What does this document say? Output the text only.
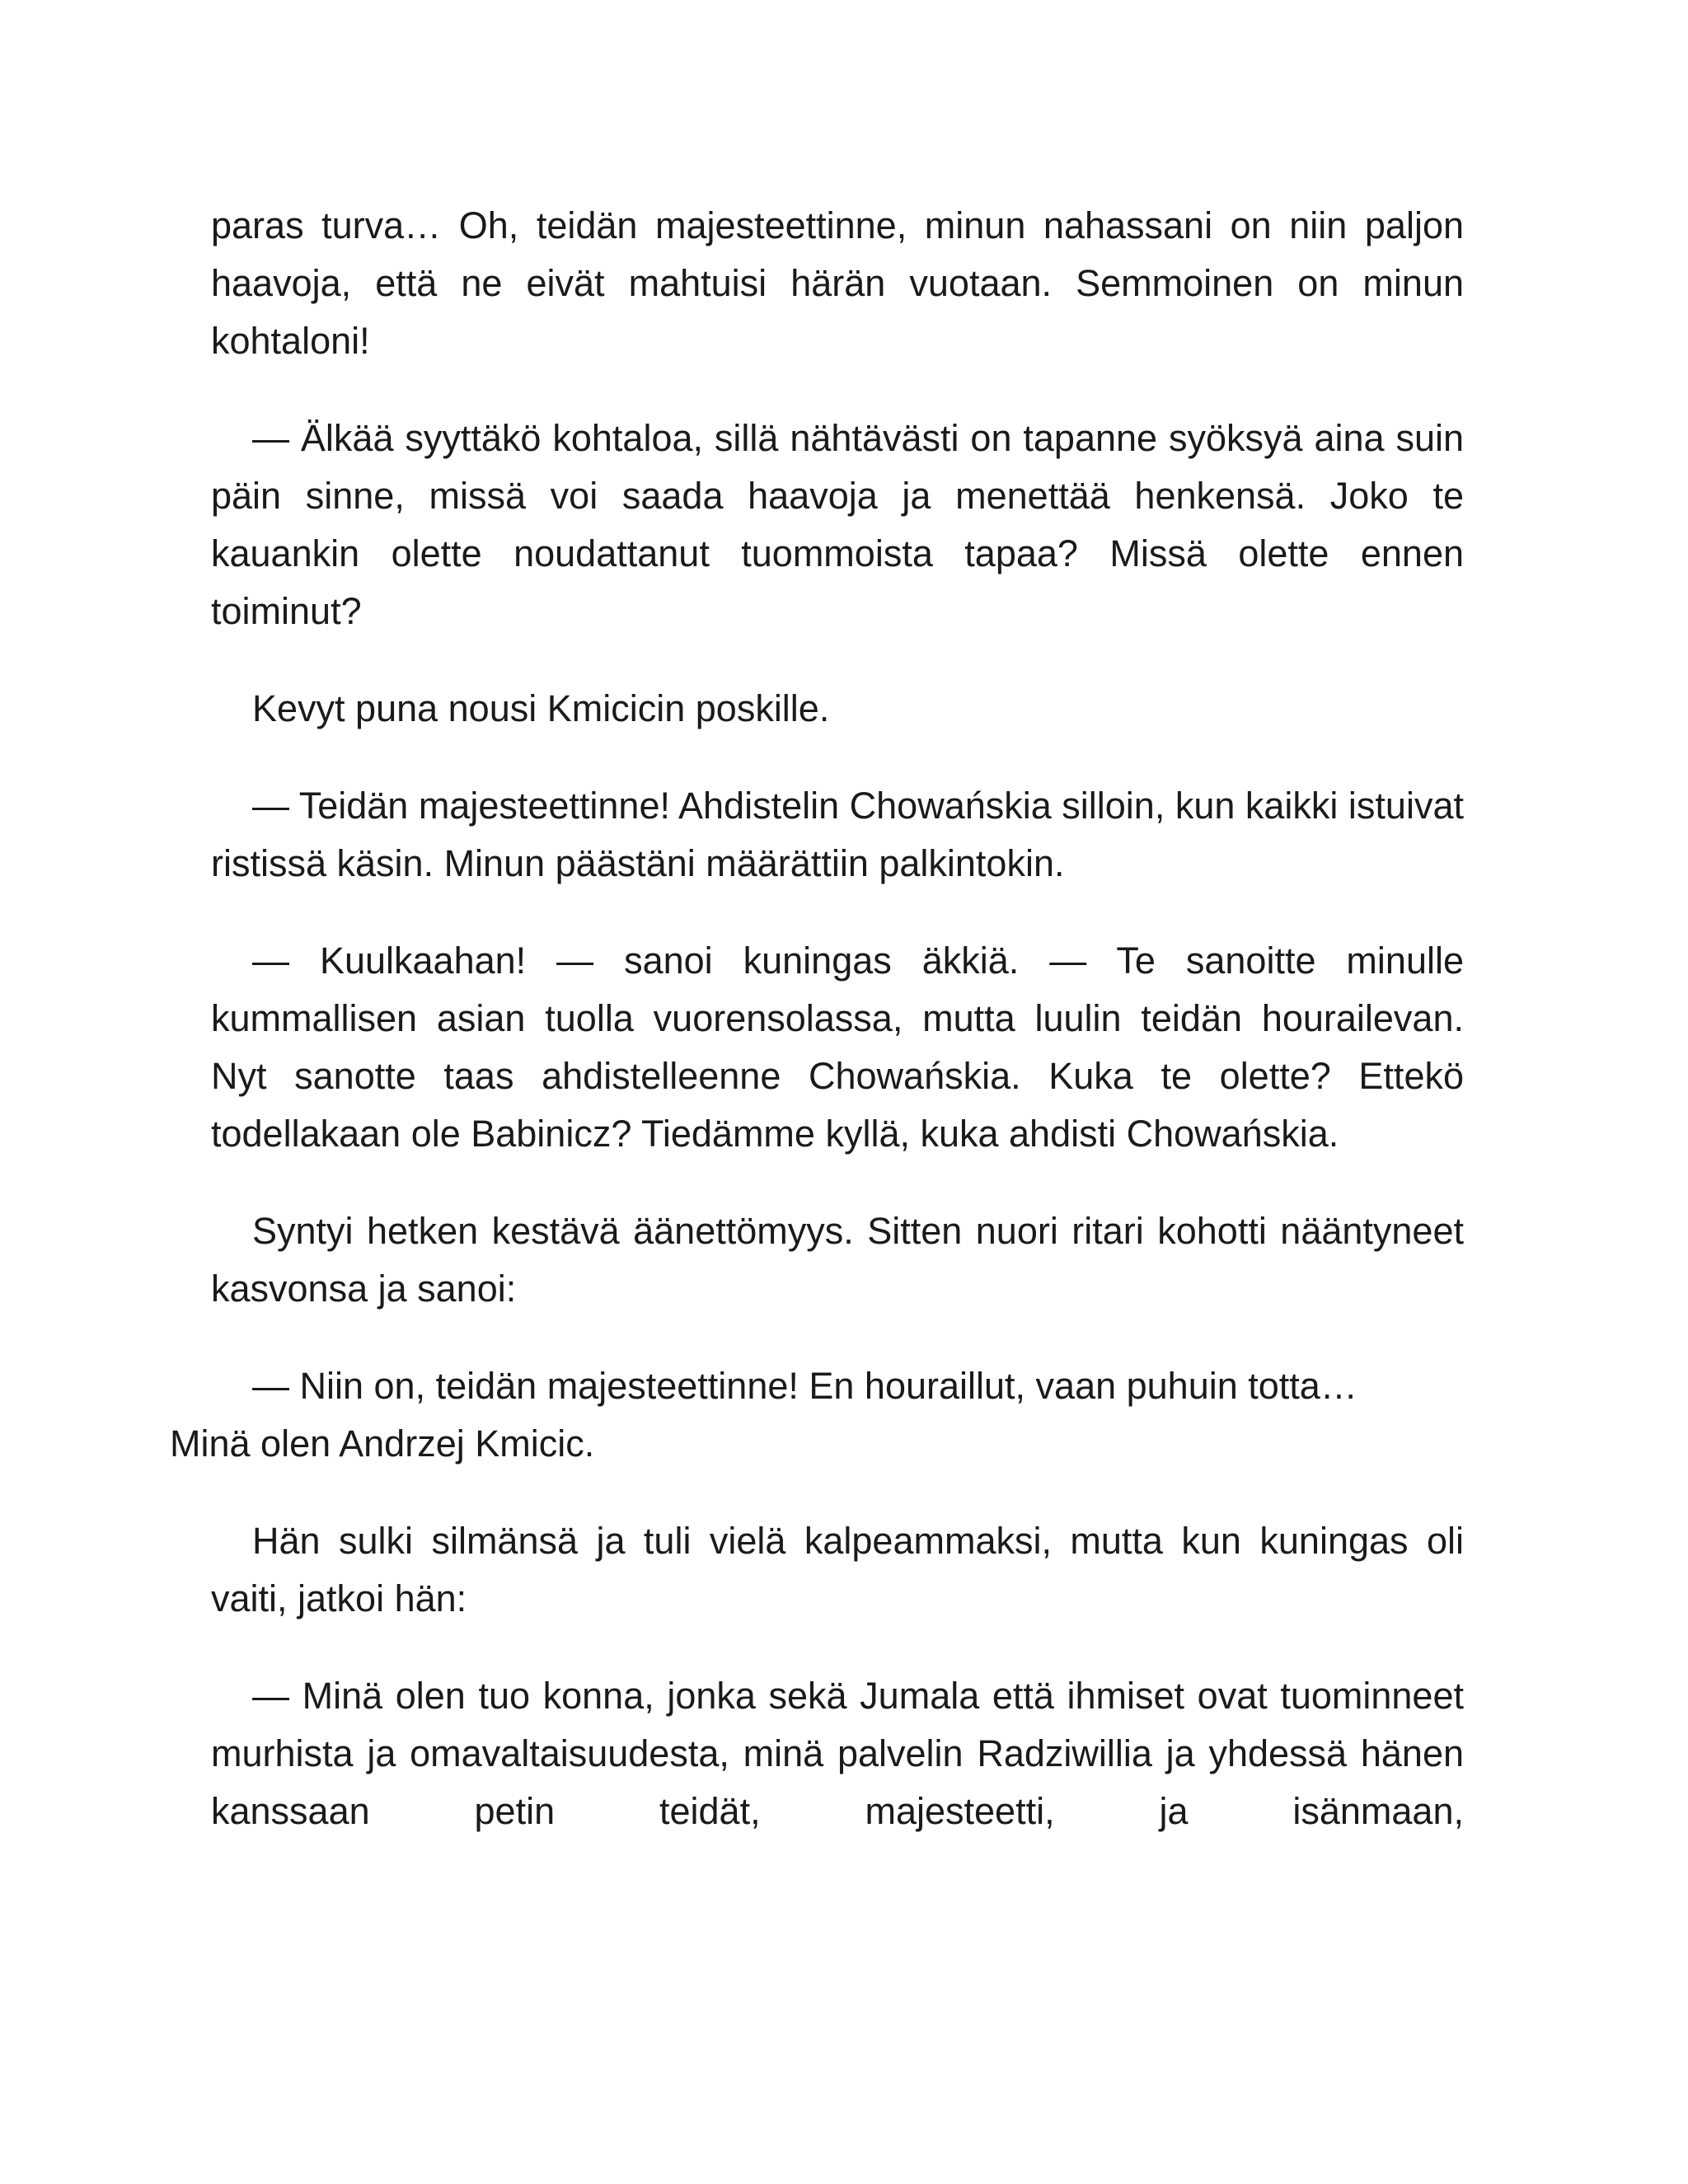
paras turva… Oh, teidän majesteettinne, minun nahassani on niin paljon haavoja, että ne eivät mahtuisi härän vuotaan. Semmoinen on minun kohtaloni!

— Älkää syyttäkö kohtaloa, sillä nähtävästi on tapanne syöksyä aina suin päin sinne, missä voi saada haavoja ja menettää henkensä. Joko te kauankin olette noudattanut tuommoista tapaa? Missä olette ennen toiminut?

Kevyt puna nousi Kmicicin poskille.

— Teidän majesteettinne! Ahdistelin Chowańskia silloin, kun kaikki istuivat ristissä käsin. Minun päästäni määrättiin palkintokin.

— Kuulkaahan! — sanoi kuningas äkkiä. — Te sanoitte minulle kummallisen asian tuolla vuorensolassa, mutta luulin teidän hourailevan. Nyt sanotte taas ahdistelleenne Chowańskia. Kuka te olette? Ettekö todellakaan ole Babinicz? Tiedämme kyllä, kuka ahdisti Chowańskia.

Syntyi hetken kestävä äänettömyys. Sitten nuori ritari kohotti nääntyneet kasvonsa ja sanoi:

— Niin on, teidän majesteettinne! En houraillut, vaan puhuin totta…
Minä olen Andrzej Kmicic.

Hän sulki silmänsä ja tuli vielä kalpeammaksi, mutta kun kuningas oli vaiti, jatkoi hän:

— Minä olen tuo konna, jonka sekä Jumala että ihmiset ovat tuominneet murhista ja omavaltaisuudesta, minä palvelin Radziwillia ja yhdessä hänen kanssaan petin teidät, majesteetti, ja isänmaan,
